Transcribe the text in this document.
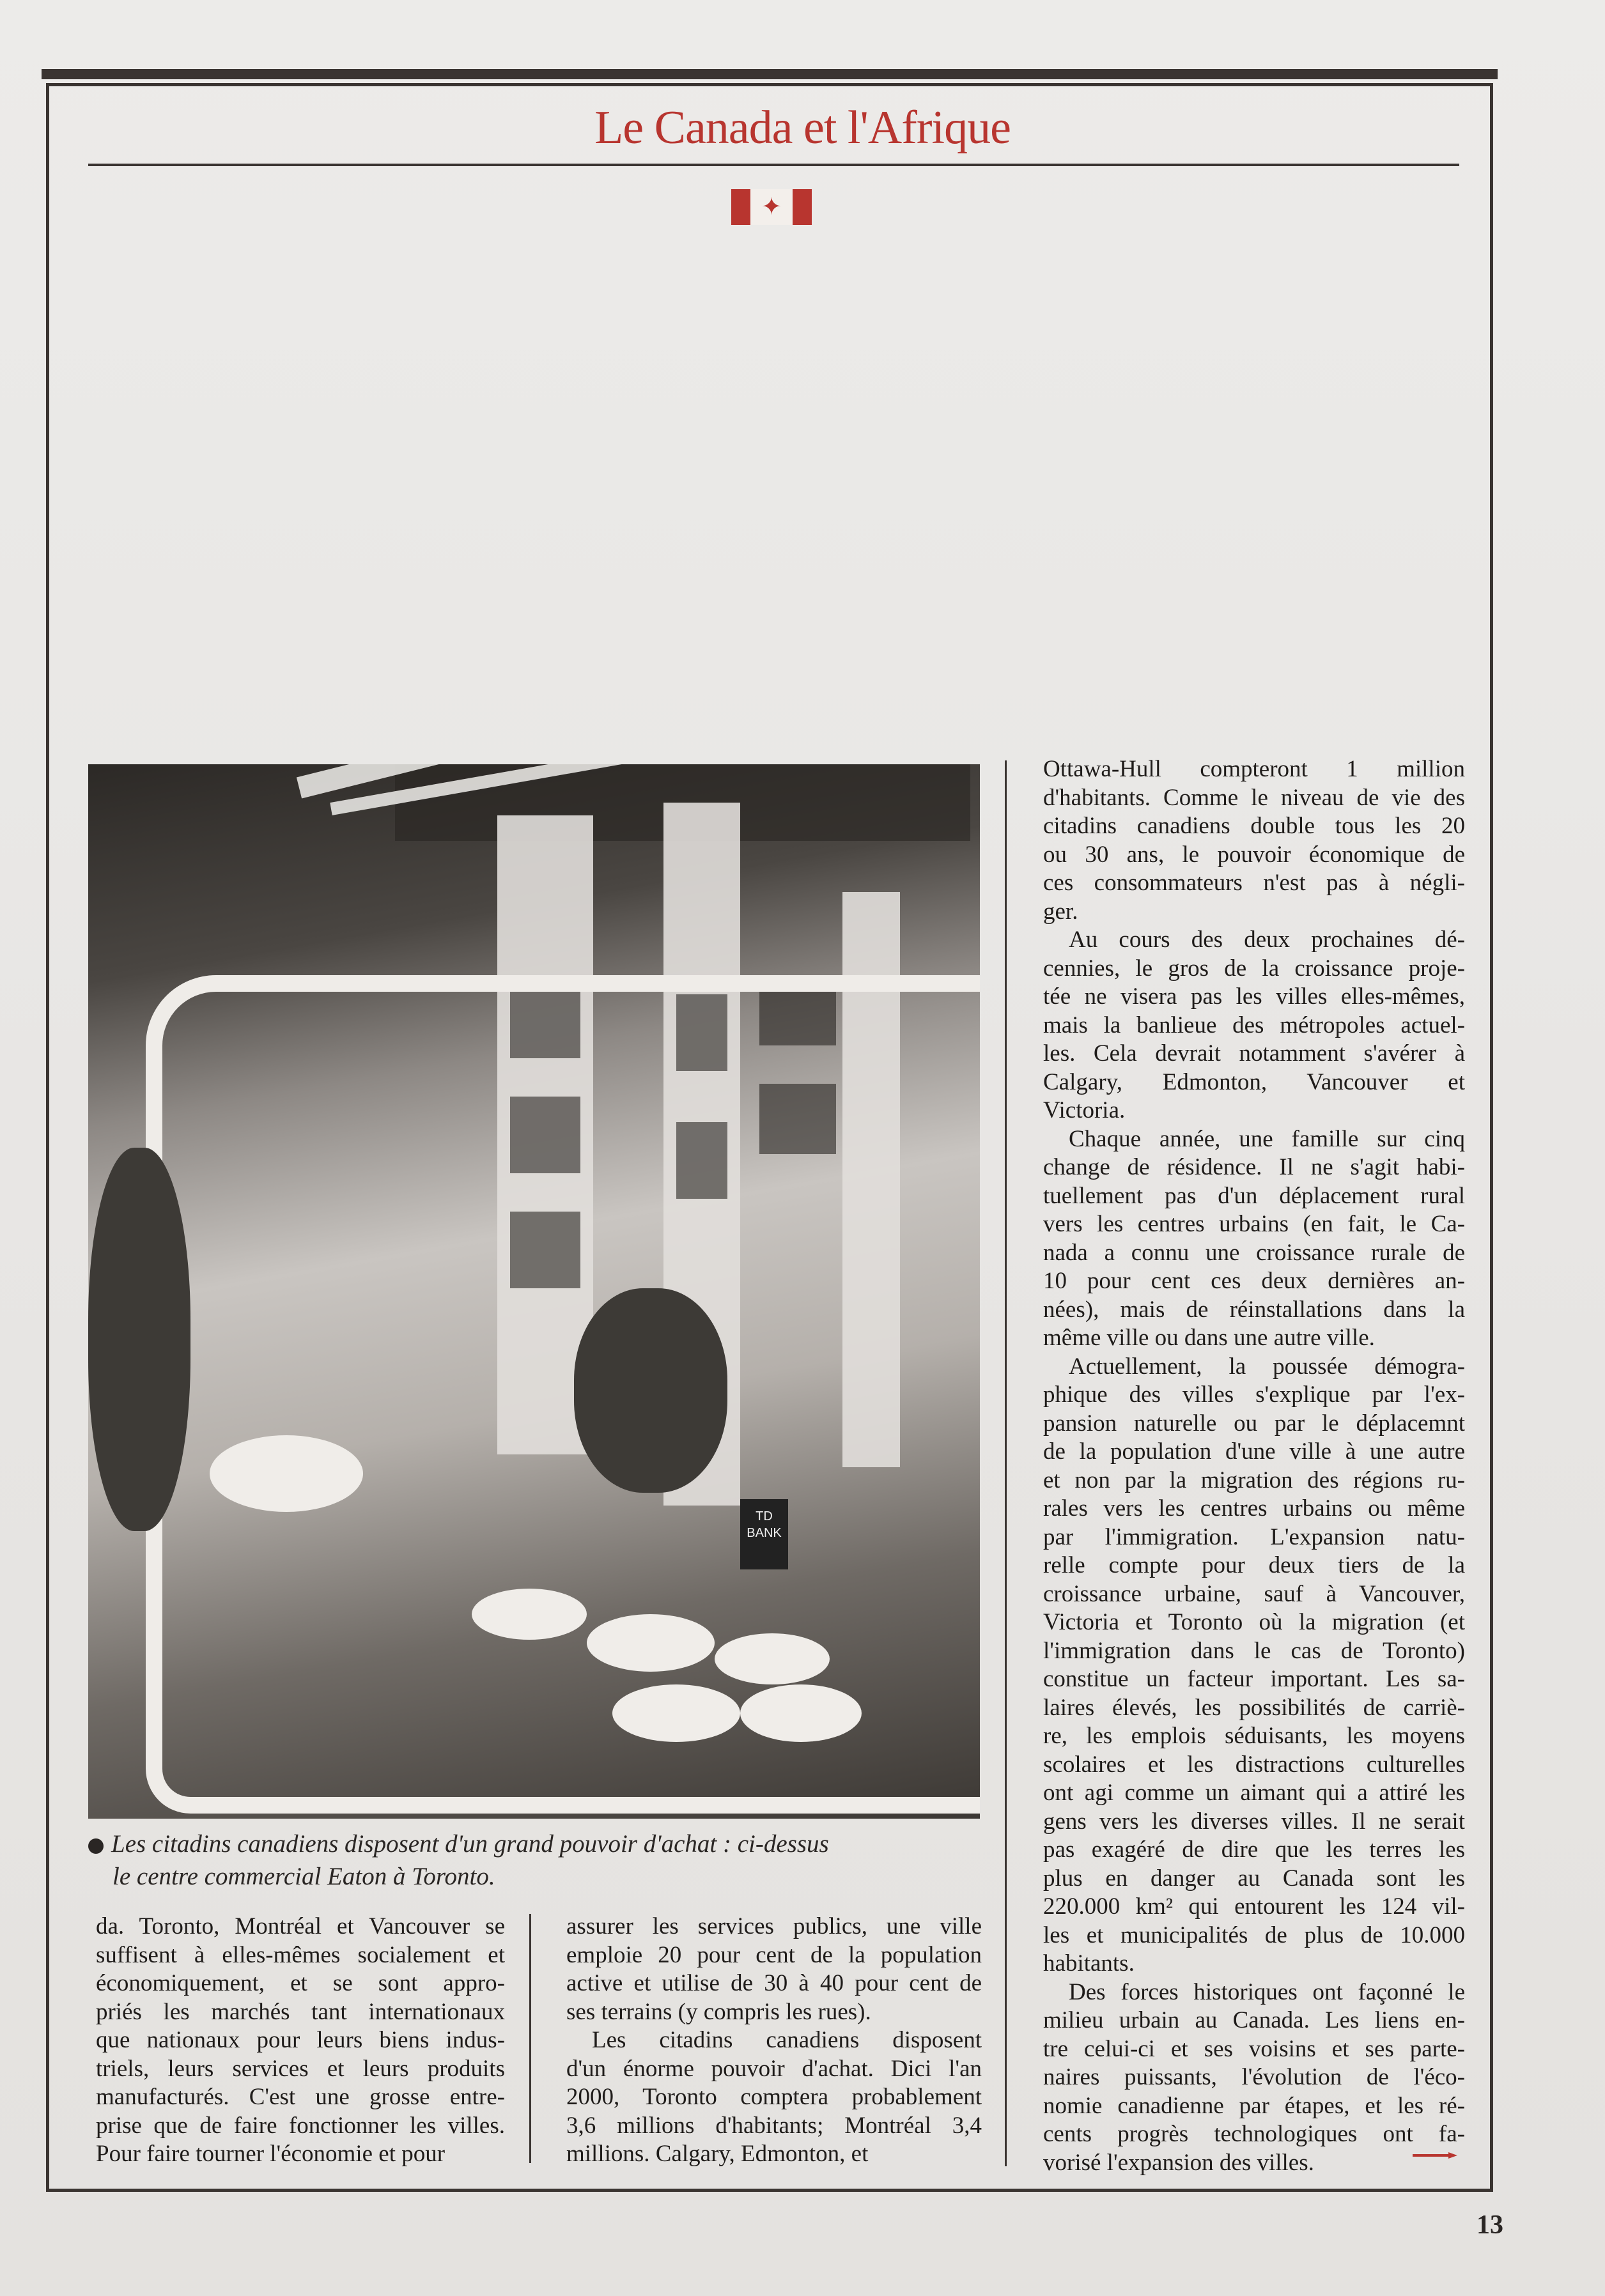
Le Canada et l'Afrique
✦
TD BANK
Les citadins canadiens disposent d'un grand pouvoir d'achat : ci-dessus
le centre commercial Eaton à Toronto.
da. Toronto, Montréal et Vancouver se
suffisent à elles-mêmes socialement et
économiquement, et se sont appro-
priés les marchés tant internationaux
que nationaux pour leurs biens indus-
triels, leurs services et leurs produits
manufacturés. C'est une grosse entre-
prise que de faire fonctionner les villes.
Pour faire tourner l'économie et pour
assurer les services publics, une ville
emploie 20 pour cent de la population
active et utilise de 30 à 40 pour cent de
ses terrains (y compris les rues).
Les citadins canadiens disposent
d'un énorme pouvoir d'achat. Dici l'an
2000, Toronto comptera probablement
3,6 millions d'habitants; Montréal 3,4
millions. Calgary, Edmonton, et
Ottawa-Hull compteront 1 million
d'habitants. Comme le niveau de vie des
citadins canadiens double tous les 20
ou 30 ans, le pouvoir économique de
ces consommateurs n'est pas à négli-
ger.
Au cours des deux prochaines dé-
cennies, le gros de la croissance proje-
tée ne visera pas les villes elles-mêmes,
mais la banlieue des métropoles actuel-
les. Cela devrait notamment s'avérer à
Calgary, Edmonton, Vancouver et
Victoria.
Chaque année, une famille sur cinq
change de résidence. Il ne s'agit habi-
tuellement pas d'un déplacement rural
vers les centres urbains (en fait, le Ca-
nada a connu une croissance rurale de
10 pour cent ces deux dernières an-
nées), mais de réinstallations dans la
même ville ou dans une autre ville.
Actuellement, la poussée démogra-
phique des villes s'explique par l'ex-
pansion naturelle ou par le déplacemnt
de la population d'une ville à une autre
et non par la migration des régions ru-
rales vers les centres urbains ou même
par l'immigration. L'expansion natu-
relle compte pour deux tiers de la
croissance urbaine, sauf à Vancouver,
Victoria et Toronto où la migration (et
l'immigration dans le cas de Toronto)
constitue un facteur important. Les sa-
laires élevés, les possibilités de carriè-
re, les emplois séduisants, les moyens
scolaires et les distractions culturelles
ont agi comme un aimant qui a attiré les
gens vers les diverses villes. Il ne serait
pas exagéré de dire que les terres les
plus en danger au Canada sont les
220.000 km² qui entourent les 124 vil-
les et municipalités de plus de 10.000
habitants.
Des forces historiques ont façonné le
milieu urbain au Canada. Les liens en-
tre celui-ci et ses voisins et ses parte-
naires puissants, l'évolution de l'éco-
nomie canadienne par étapes, et les ré-
cents progrès technologiques ont fa-
vorisé l'expansion des villes.
13
